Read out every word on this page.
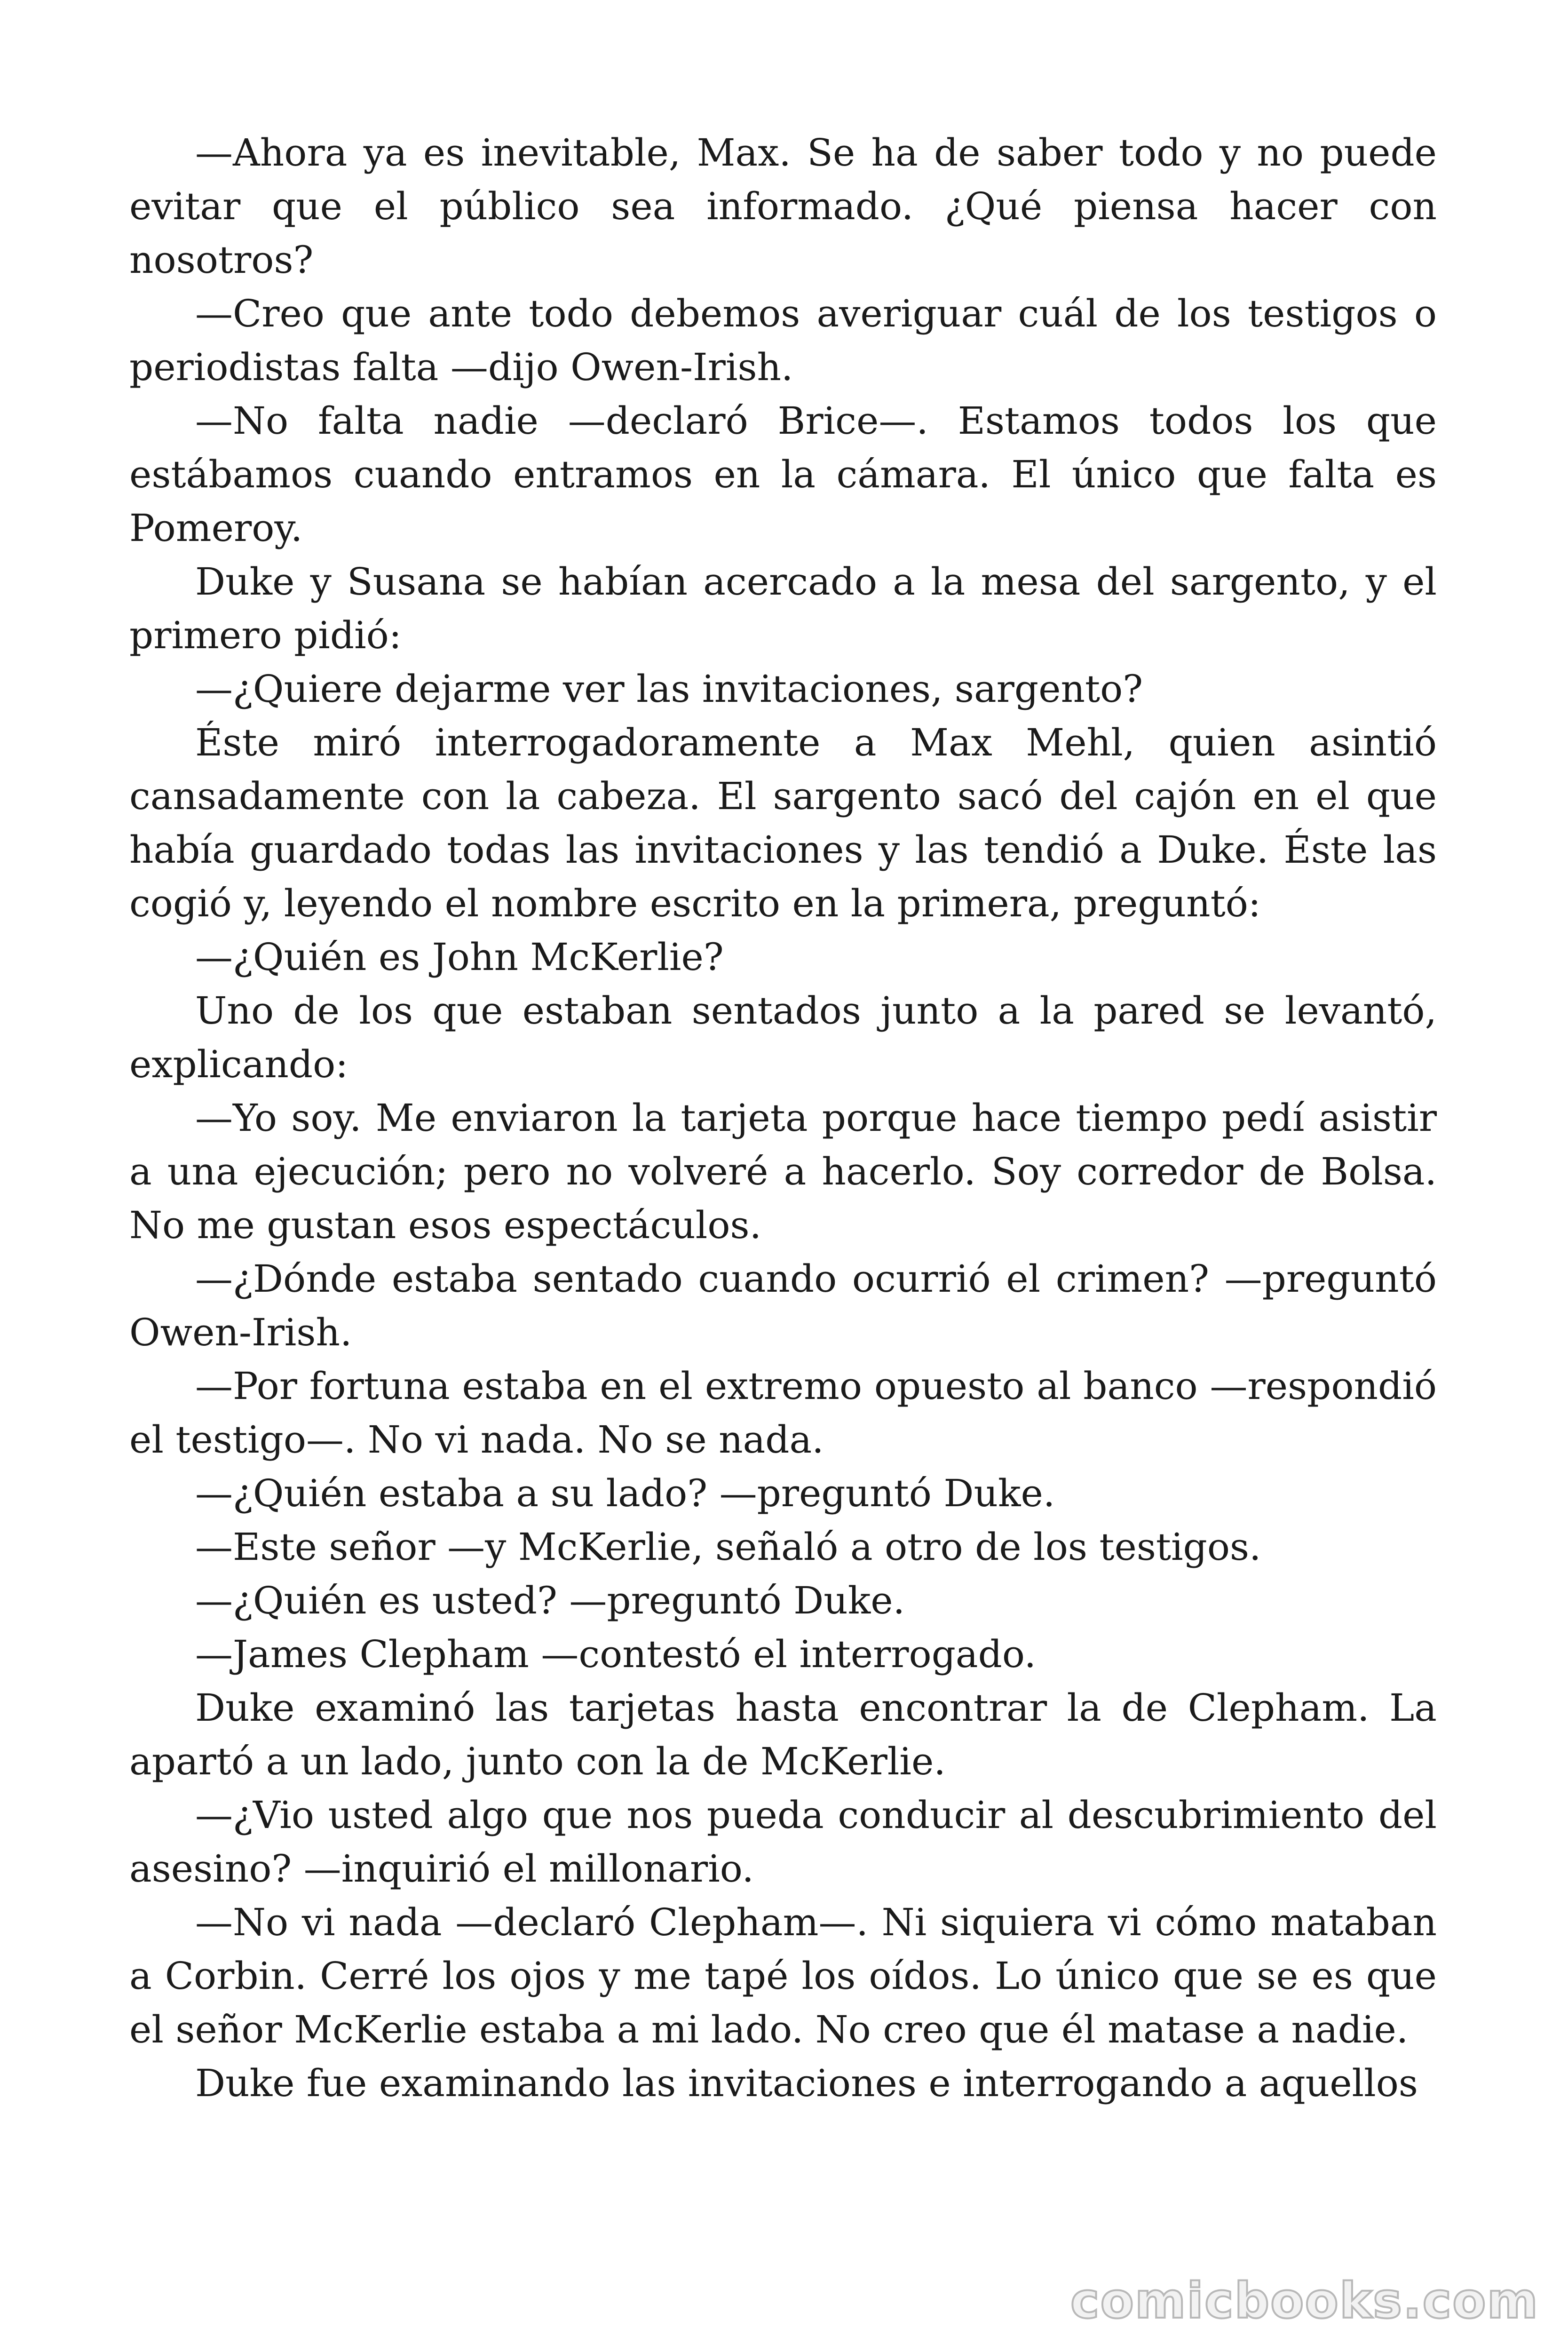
—Ahora ya es inevitable, Max. Se ha de saber todo y no puede evitar que el público sea informado. ¿Qué piensa hacer con nosotros?

—Creo que ante todo debemos averiguar cuál de los testigos o periodistas falta —dijo Owen-Irish.

—No falta nadie —declaró Brice—. Estamos todos los que estábamos cuando entramos en la cámara. El único que falta es Pomeroy.

Duke y Susana se habían acercado a la mesa del sargento, y el primero pidió:

—¿Quiere dejarme ver las invitaciones, sargento?

Éste miró interrogadoramente a Max Mehl, quien asintió cansadamente con la cabeza. El sargento sacó del cajón en el que había guardado todas las invitaciones y las tendió a Duke. Éste las cogió y, leyendo el nombre escrito en la primera, preguntó:

—¿Quién es John McKerlie?

Uno de los que estaban sentados junto a la pared se levantó, explicando:

—Yo soy. Me enviaron la tarjeta porque hace tiempo pedí asistir a una ejecución; pero no volveré a hacerlo. Soy corredor de Bolsa. No me gustan esos espectáculos.

—¿Dónde estaba sentado cuando ocurrió el crimen? —preguntó Owen-Irish.

—Por fortuna estaba en el extremo opuesto al banco —respondió el testigo—. No vi nada. No se nada.

—¿Quién estaba a su lado? —preguntó Duke.

—Este señor —y McKerlie, señaló a otro de los testigos.

—¿Quién es usted? —preguntó Duke.

—James Clepham —contestó el interrogado.

Duke examinó las tarjetas hasta encontrar la de Clepham. La apartó a un lado, junto con la de McKerlie.

—¿Vio usted algo que nos pueda conducir al descubrimiento del asesino? —inquirió el millonario.

—No vi nada —declaró Clepham—. Ni siquiera vi cómo mataban a Corbin. Cerré los ojos y me tapé los oídos. Lo único que se es que el señor McKerlie estaba a mi lado. No creo que él matase a nadie.

Duke fue examinando las invitaciones e interrogando a aquellos

comicbooks.com
